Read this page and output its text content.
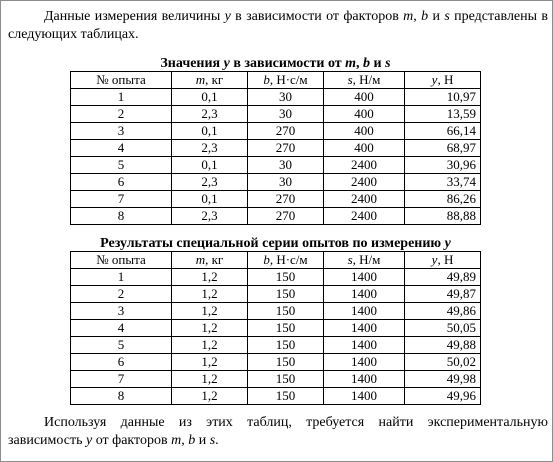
Данные измерения величины y в зависимости от факторов m, b и s представлены в следующих таблицах.

Значения y в зависимости от m, b и s
№ опыта	m, кг	b, Н·с/м	s, Н/м	y, Н
1	0,1	30	400	10,97
2	2,3	30	400	13,59
3	0,1	270	400	66,14
4	2,3	270	400	68,97
5	0,1	30	2400	30,96
6	2,3	30	2400	33,74
7	0,1	270	2400	86,26
8	2,3	270	2400	88,88
Результаты специальной серии опытов по измерению y
№ опыта	m, кг	b, Н·с/м	s, Н/м	y, Н
1	1,2	150	1400	49,89
2	1,2	150	1400	49,87
3	1,2	150	1400	49,86
4	1,2	150	1400	50,05
5	1,2	150	1400	49,88
6	1,2	150	1400	50,02
7	1,2	150	1400	49,98
8	1,2	150	1400	49,96

Используя данные из этих таблиц, требуется найти экспериментальную зависимость y от факторов m, b и s.
